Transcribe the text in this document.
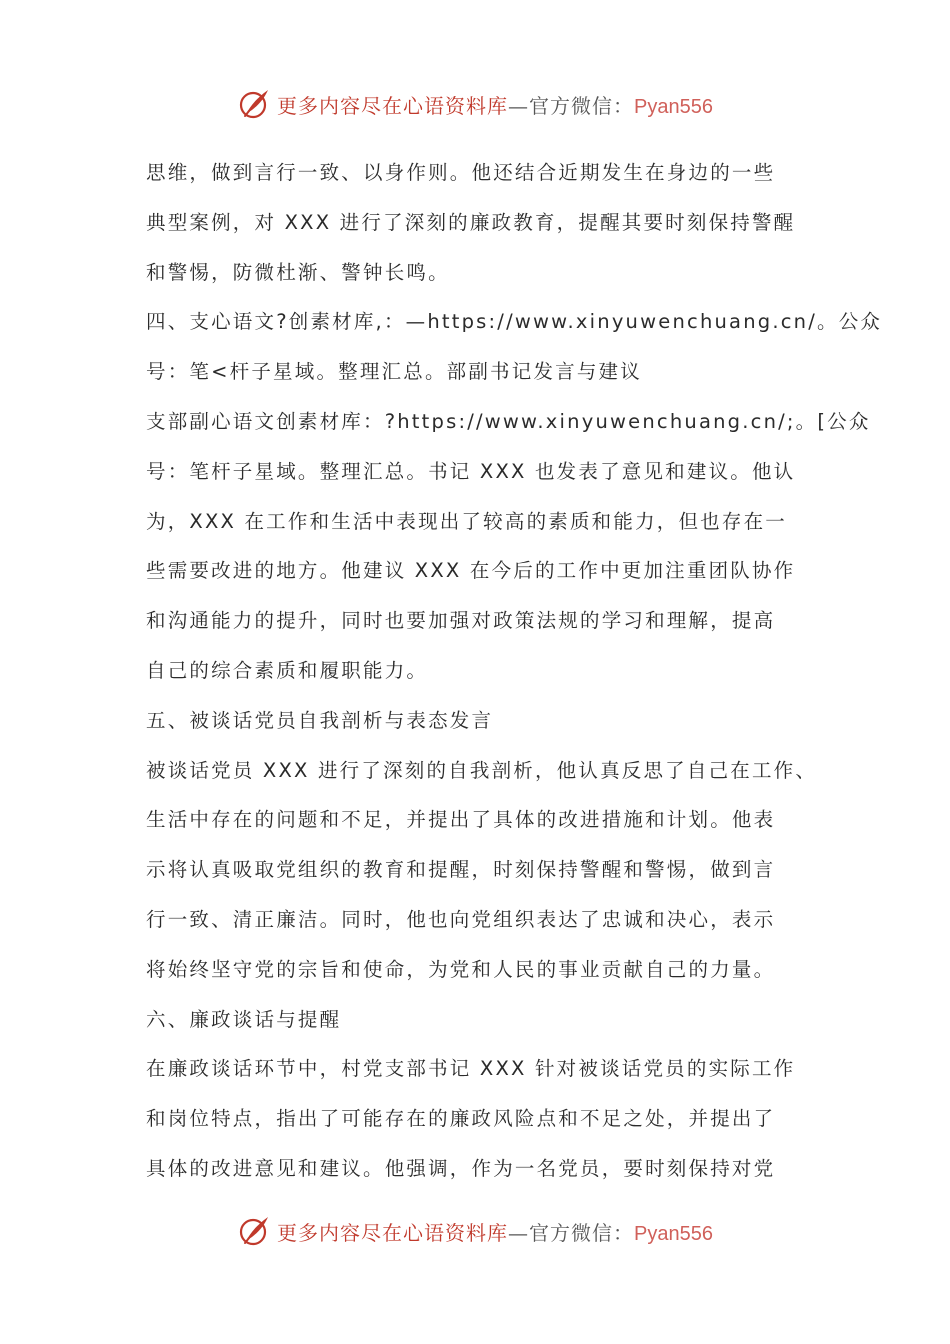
更多内容尽在心语资料库—官方微信：Pyan556
思维，做到言行一致、以身作则。他还结合近期发生在身边的一些
典型案例，对 XXX 进行了深刻的廉政教育，提醒其要时刻保持警醒
和警惕，防微杜渐、警钟长鸣。
四、支心语文?创素材库,：—https://www.xinyuwenchuang.cn/。公众
号：笔<杆子星域。整理汇总。部副书记发言与建议
支部副心语文创素材库：?https://www.xinyuwenchuang.cn/;。[公众
号：笔杆子星域。整理汇总。书记 XXX 也发表了意见和建议。他认
为，XXX 在工作和生活中表现出了较高的素质和能力，但也存在一
些需要改进的地方。他建议 XXX 在今后的工作中更加注重团队协作
和沟通能力的提升，同时也要加强对政策法规的学习和理解，提高
自己的综合素质和履职能力。
五、被谈话党员自我剖析与表态发言
被谈话党员 XXX 进行了深刻的自我剖析，他认真反思了自己在工作、
生活中存在的问题和不足，并提出了具体的改进措施和计划。他表
示将认真吸取党组织的教育和提醒，时刻保持警醒和警惕，做到言
行一致、清正廉洁。同时，他也向党组织表达了忠诚和决心，表示
将始终坚守党的宗旨和使命，为党和人民的事业贡献自己的力量。
六、廉政谈话与提醒
在廉政谈话环节中，村党支部书记 XXX 针对被谈话党员的实际工作
和岗位特点，指出了可能存在的廉政风险点和不足之处，并提出了
具体的改进意见和建议。他强调，作为一名党员，要时刻保持对党
更多内容尽在心语资料库—官方微信：Pyan556
